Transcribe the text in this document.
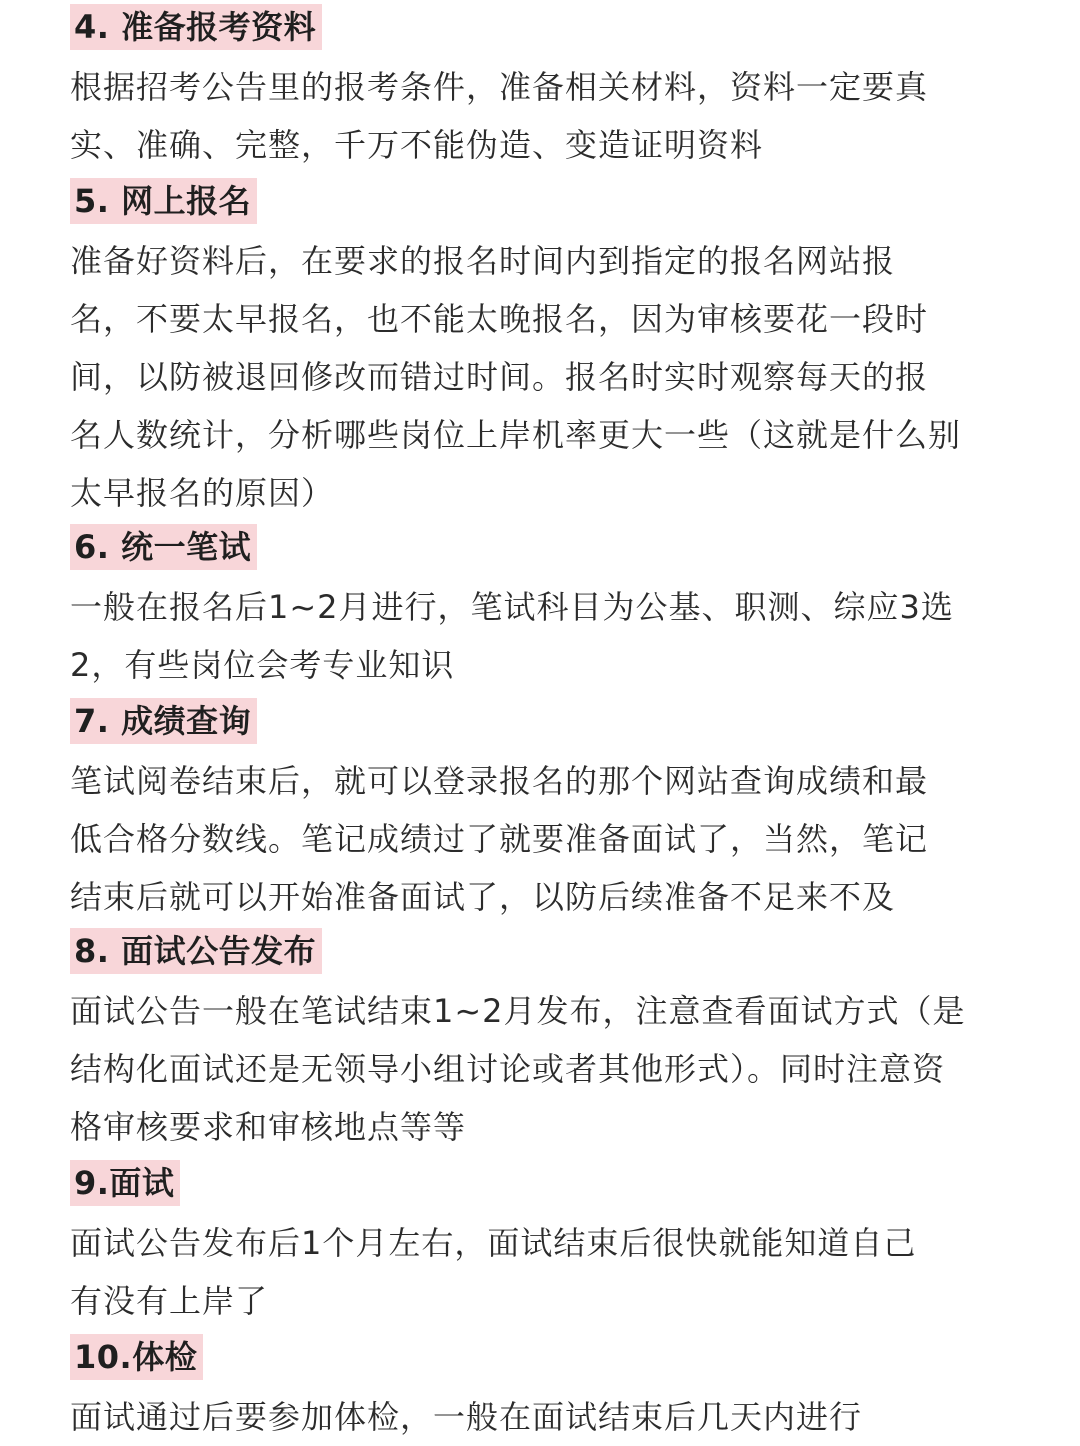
4. 准备报考资料

根据招考公告里的报考条件，准备相关材料，资料一定要真
实、准确、完整，千万不能伪造、变造证明资料

5. 网上报名

准备好资料后，在要求的报名时间内到指定的报名网站报
名，不要太早报名，也不能太晚报名，因为审核要花一段时
间，以防被退回修改而错过时间。报名时实时观察每天的报
名人数统计，分析哪些岗位上岸机率更大一些（这就是什么别
太早报名的原因）

6. 统一笔试

一般在报名后1~2月进行，笔试科目为公基、职测、综应3选
2，有些岗位会考专业知识

7. 成绩查询

笔试阅卷结束后，就可以登录报名的那个网站查询成绩和最
低合格分数线。笔记成绩过了就要准备面试了，当然，笔记
结束后就可以开始准备面试了，以防后续准备不足来不及

8. 面试公告发布

面试公告一般在笔试结束1~2月发布，注意查看面试方式（是
结构化面试还是无领导小组讨论或者其他形式）。同时注意资
格审核要求和审核地点等等

9.面试

面试公告发布后1个月左右，面试结束后很快就能知道自己
有没有上岸了

10.体检

面试通过后要参加体检，一般在面试结束后几天内进行
